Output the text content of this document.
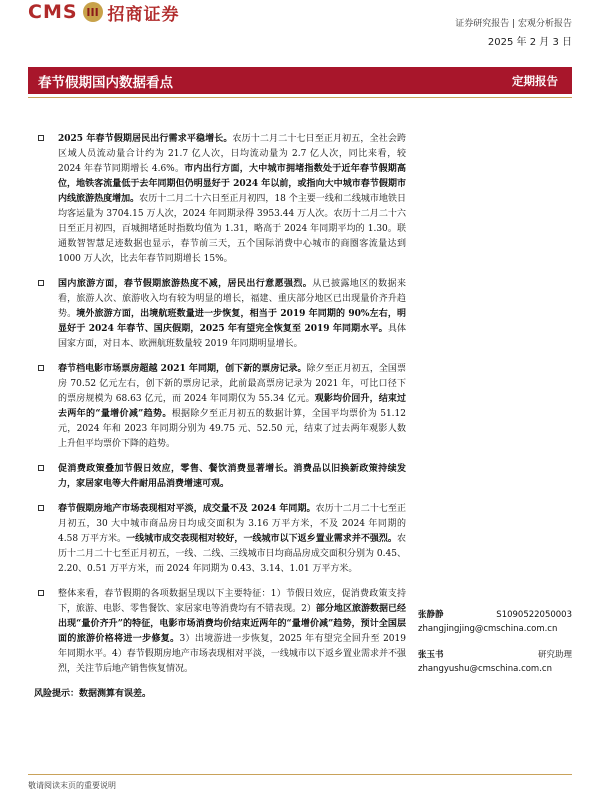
CMS III 招商证券	证券研究报告 | 宏观分析报告
2025 年 2 月 3 日
春节假期国内数据看点	定期报告
2025 年春节假期居民出行需求平稳增长。农历十二月二十七日至正月初五，全社会跨区域人员流动量合计约为 21.7 亿人次，日均流动量为 2.7 亿人次，同比来看，较 2024 年春节同期增长 4.6%。市内出行方面，大中城市拥堵指数处于近年春节假期高位，地铁客流量低于去年同期但仍明显好于 2024 年以前，或指向大中城市春节假期市内线旅游热度增加。农历十二月二十六日至正月初四，18 个主要一线和二线城市地铁日均客运量为 3704.15 万人次，2024 年同期录得 3953.44 万人次。农历十二月二十六日至正月初四，百城拥堵延时指数均值为 1.31，略高于 2024 年同期平均的 1.30。联通数智智慧足迹数据也显示，春节前三天，五个国际消费中心城市的商圈客流量达到 1000 万人次，比去年春节同期增长 15%。
国内旅游方面，春节假期旅游热度不减，居民出行意愿强烈。从已披露地区的数据来看，旅游人次、旅游收入均有较为明显的增长，福建、重庆部分地区已出现量价齐升趋势。境外旅游方面，出境航班数量进一步恢复，相当于 2019 年同期的 90%左右，明显好于 2024 年春节、国庆假期，2025 年有望完全恢复至 2019 年同期水平。具体国家方面，对日本、欧洲航班数量较 2019 年同期明显增长。
春节档电影市场票房超越 2021 年同期，创下新的票房记录。除夕至正月初五，全国票房 70.52 亿元左右，创下新的票房记录，此前最高票房记录为 2021 年，可比口径下的票房规模为 68.63 亿元，而 2024 年同期仅为 55.34 亿元。观影均价回升，结束过去两年的“量增价减”趋势。根据除夕至正月初五的数据计算，全国平均票价为 51.12 元，2024 年和 2023 年同期分别为 49.75 元、52.50 元，结束了过去两年观影人数上升但平均票价下降的趋势。
促消费政策叠加节假日效应，零售、餐饮消费显著增长。消费品以旧换新政策持续发力，家居家电等大件耐用品消费增速可观。
春节假期房地产市场表现相对平淡，成交量不及 2024 年同期。农历十二月二十七至正月初五，30 大中城市商品房日均成交面积为 3.16 万平方米，不及 2024 年同期的 4.58 万平方米。一线城市成交表现相对较好，一线城市以下返乡置业需求并不强烈。农历十二月二十七至正月初五，一线、二线、三线城市日均商品房成交面积分别为 0.45、2.20、0.51 万平方米，而 2024 年同期为 0.43、3.14、1.01 万平方米。
整体来看，春节假期的各项数据呈现以下主要特征：1）节假日效应，促消费政策支持下，旅游、电影、零售餐饮、家居家电等消费均有不错表现。2）部分地区旅游数据已经出现“量价齐升”的特征，电影市场消费均价结束近两年的“量增价减”趋势，预计全国层面的旅游价格将进一步修复。3）出境游进一步恢复，2025 年有望完全回升至 2019 年同期水平。4）春节假期房地产市场表现相对平淡，一线城市以下返乡置业需求并不强烈，关注节后地产销售恢复情况。
风险提示：数据测算有误差。
张静静	S1090522050003
zhangjingjing@cmschina.com.cn
张玉书	研究助理
zhangyushu@cmschina.com.cn
敬请阅读末页的重要说明
